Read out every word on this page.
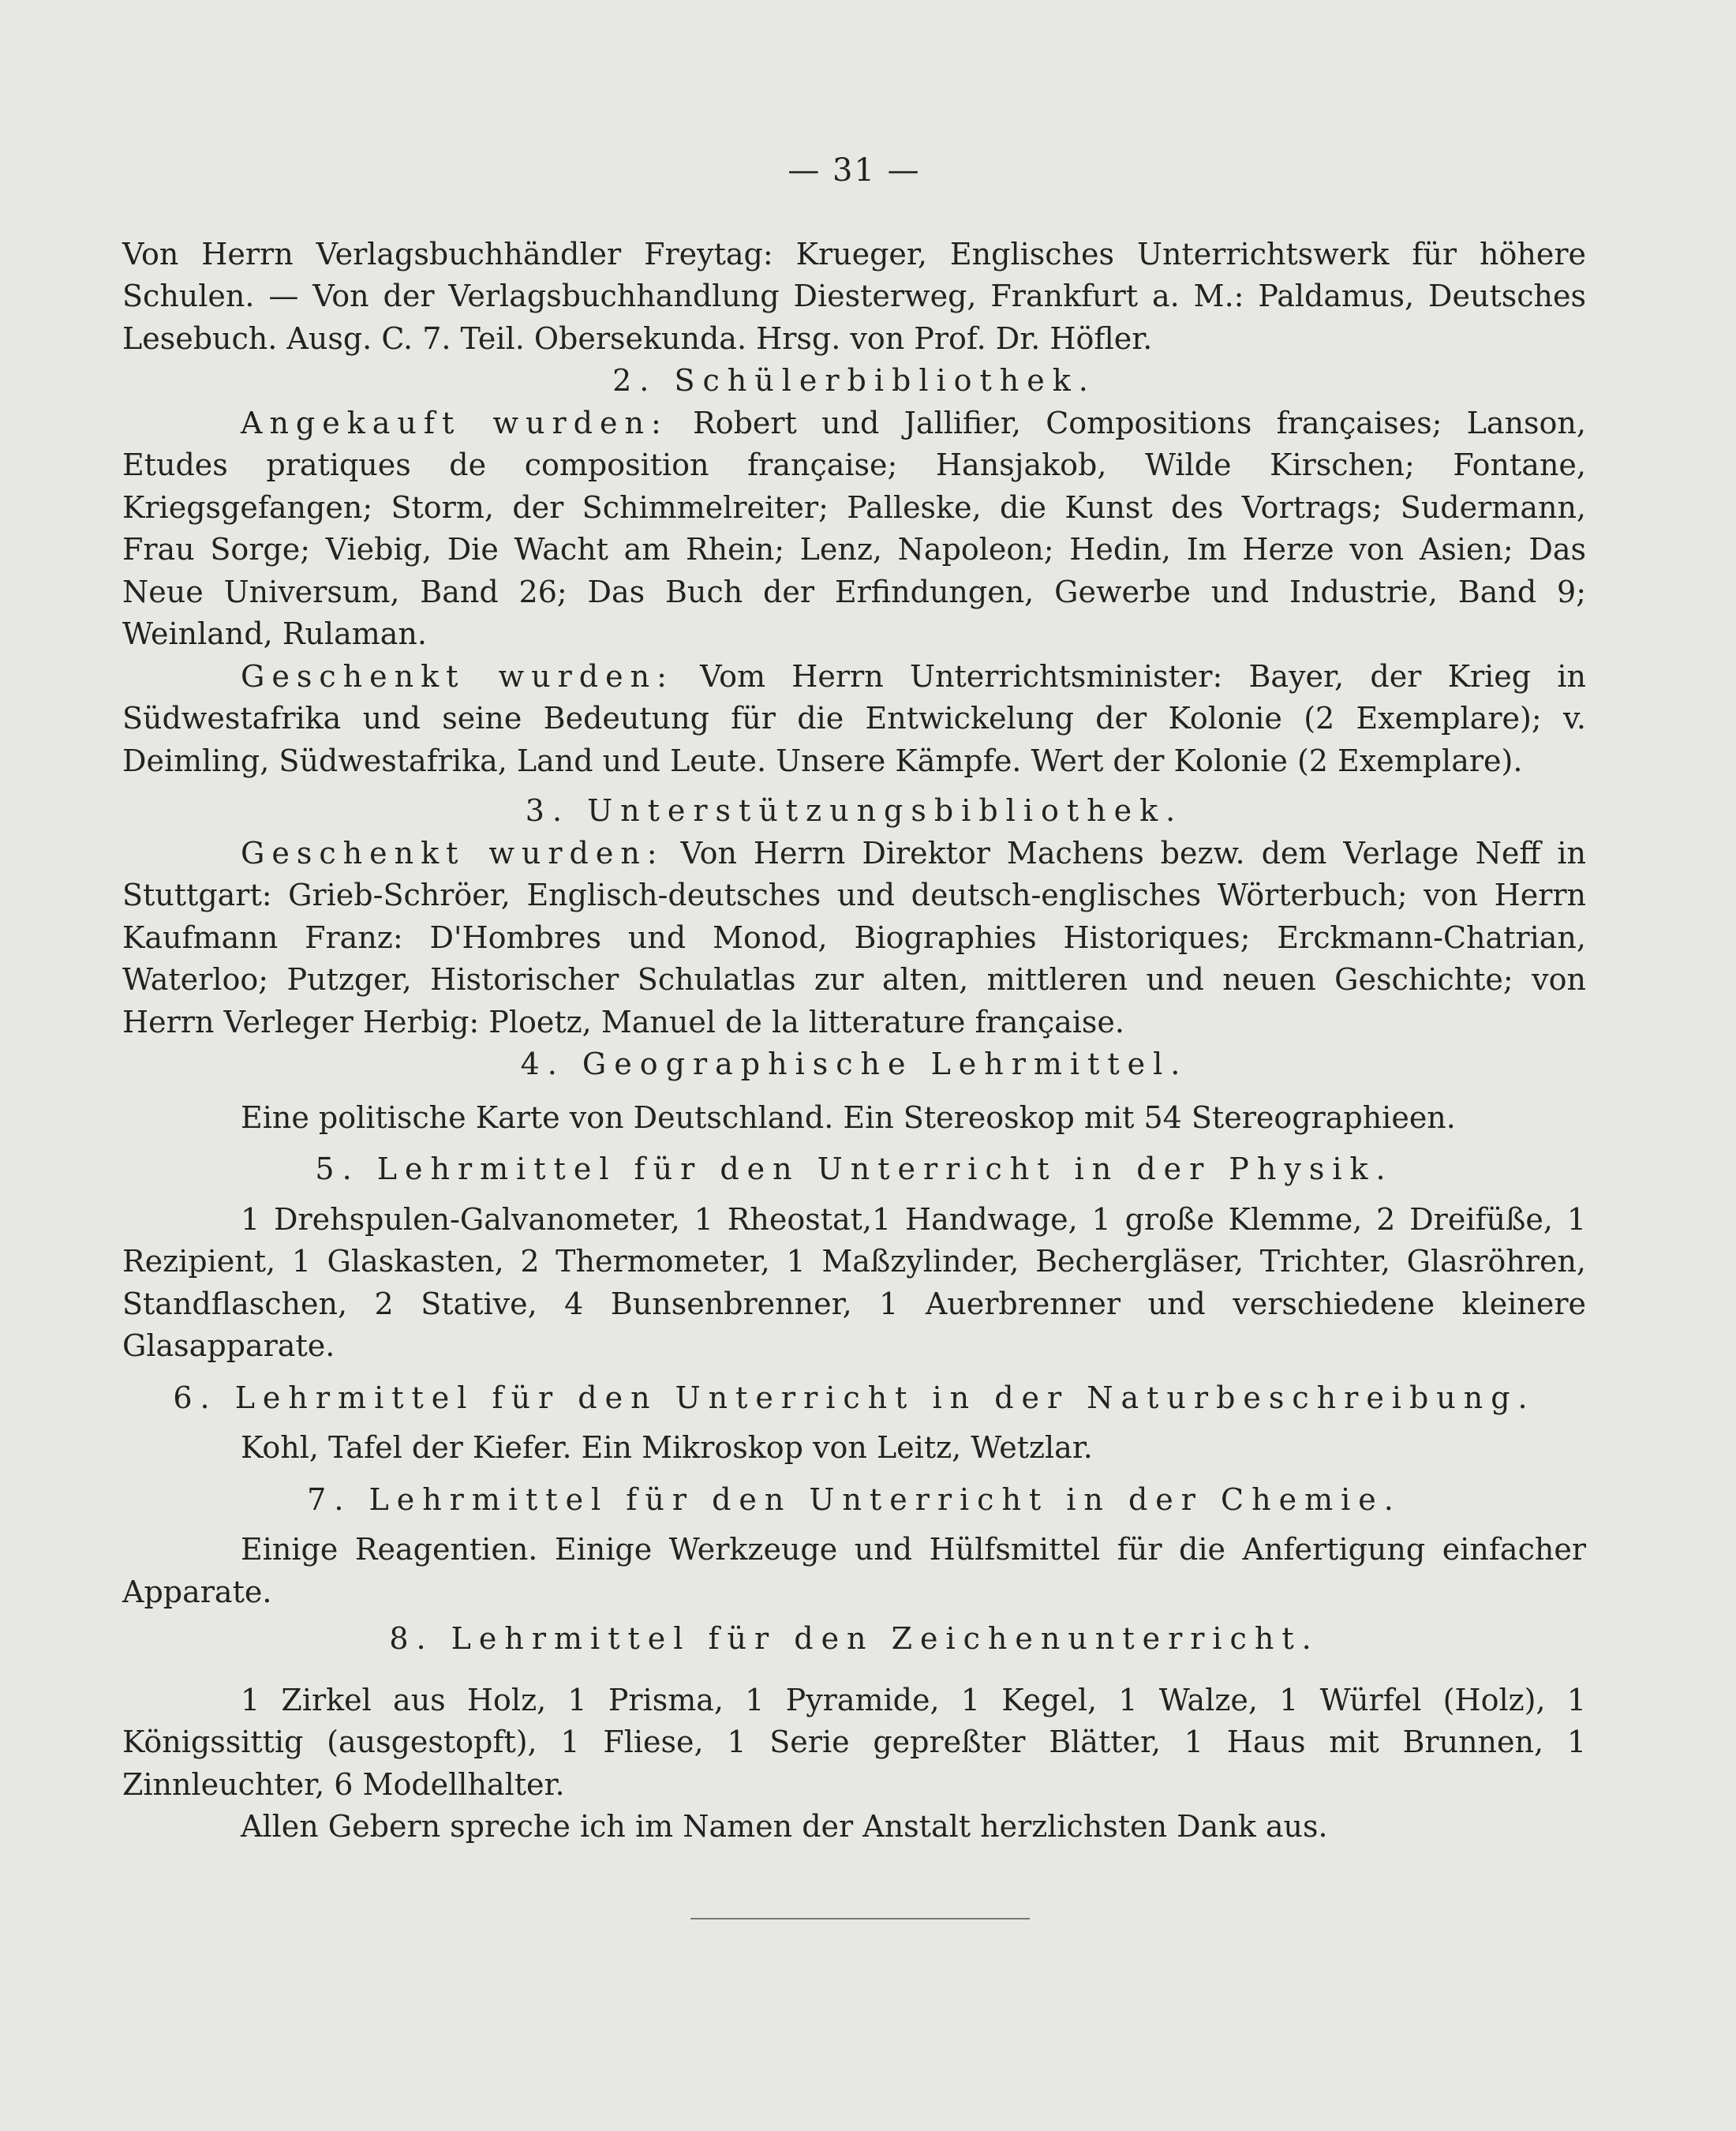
— 31 —

Von Herrn Verlagsbuchhändler Freytag: Krueger, Englisches Unterrichtswerk für höhere Schulen. — Von der Verlagsbuchhandlung Diesterweg, Frankfurt a. M.: Paldamus, Deutsches Lesebuch. Ausg. C. 7. Teil. Obersekunda. Hrsg. von Prof. Dr. Höfler.

2. Schülerbibliothek.

Angekauft wurden: Robert und Jallifier, Compositions françaises; Lanson, Etudes pratiques de composition française; Hansjakob, Wilde Kirschen; Fontane, Kriegsgefangen; Storm, der Schimmelreiter; Palleske, die Kunst des Vortrags; Sudermann, Frau Sorge; Viebig, Die Wacht am Rhein; Lenz, Napoleon; Hedin, Im Herze von Asien; Das Neue Universum, Band 26; Das Buch der Erfindungen, Gewerbe und Industrie, Band 9; Weinland, Rulaman.

Geschenkt wurden: Vom Herrn Unterrichtsminister: Bayer, der Krieg in Südwestafrika und seine Bedeutung für die Entwickelung der Kolonie (2 Exemplare); v. Deimling, Südwestafrika, Land und Leute. Unsere Kämpfe. Wert der Kolonie (2 Exemplare).

3. Unterstützungsbibliothek.

Geschenkt wurden: Von Herrn Direktor Machens bezw. dem Verlage Neff in Stuttgart: Grieb-Schröer, Englisch-deutsches und deutsch-englisches Wörterbuch; von Herrn Kaufmann Franz: D'Hombres und Monod, Biographies Historiques; Erckmann-Chatrian, Waterloo; Putzger, Historischer Schulatlas zur alten, mittleren und neuen Geschichte; von Herrn Verleger Herbig: Ploetz, Manuel de la litterature française.

4. Geographische Lehrmittel.

Eine politische Karte von Deutschland. Ein Stereoskop mit 54 Stereographieen.

5. Lehrmittel für den Unterricht in der Physik.

1 Drehspulen-Galvanometer, 1 Rheostat,1 Handwage, 1 große Klemme, 2 Dreifüße, 1 Rezipient, 1 Glaskasten, 2 Thermometer, 1 Maßzylinder, Bechergläser, Trichter, Glasröhren, Standflaschen, 2 Stative, 4 Bunsenbrenner, 1 Auerbrenner und verschiedene kleinere Glasapparate.

6. Lehrmittel für den Unterricht in der Naturbeschreibung.

Kohl, Tafel der Kiefer. Ein Mikroskop von Leitz, Wetzlar.

7. Lehrmittel für den Unterricht in der Chemie.

Einige Reagentien. Einige Werkzeuge und Hülfsmittel für die Anfertigung einfacher Apparate.

8. Lehrmittel für den Zeichenunterricht.

1 Zirkel aus Holz, 1 Prisma, 1 Pyramide, 1 Kegel, 1 Walze, 1 Würfel (Holz), 1 Königssittig (ausgestopft), 1 Fliese, 1 Serie gepreßter Blätter, 1 Haus mit Brunnen, 1 Zinnleuchter, 6 Modellhalter.

Allen Gebern spreche ich im Namen der Anstalt herzlichsten Dank aus.
